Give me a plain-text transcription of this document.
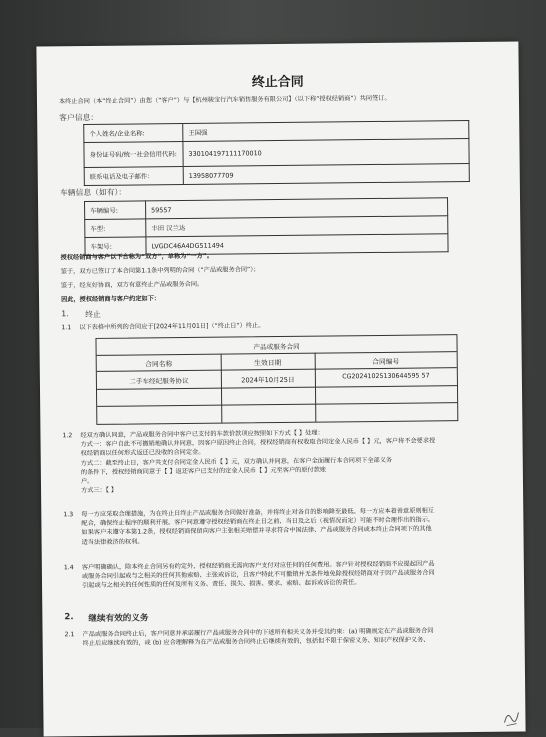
终止合同
本终止合同（本“终止合同”）由您（“客户”）与【杭州骏宝行汽车销售服务有限公司】（以下称“授权经销商”）共同签订。
客户信息：
个人姓名/企业名称:	王国强
身份证号码/统一社会信用代码:	330104197111170010
联系电话及电子邮件：	13958077709
车辆信息（如有）：
车辆编号:	59557
车型:	丰田 汉兰达
车架号:	LVGDC46A4DG511494
授权经销商与客户以下合称为“双方”，单称为“一方”。
鉴于，双方已签订了本合同第1.1条中列明的合同（“产品或服务合同”）；
鉴于，经友好协商，双方有意终止产品或服务合同。
因此，授权经销商与客户约定如下：
1. 终止
1.1 以下表格中所列的合同应于[2024年11月01日]（“终止日”）终止。
产品或服务合同
合同名称	生效日期	合同编号
二手车经纪服务协议	2024年10月25日	CG20241025130644595 57
1.2 经双方确认同意，产品或服务合同中客户已支付的车款价款项应按照如下方式【 】处理：
方式一：客户自此不可撤销地确认并同意，因客户原因终止合同，授权经销商有权收取合同定金人民币【 】元，客户将不会要求授
权经销商以任何形式返还已没收的合同定金。
方式二：截至终止日，客户共支付合同定金人民币【 】元，双方确认并同意，在客户全面履行本合同项下全部义务
的条件下，授权经销商同意于【 】返还客户已支付的定金人民币【 】元至客户的原付款账
户。
方式三：【 】
1.3 每一方应采取合理措施，为在终止日终止产品或服务合同做好准备，并将终止对各自的影响降至最低。每一方应本着善意原则相互
配合，确保终止程序的顺利开展。客户同意遵守授权经销商在终止日之前、当日及之后（视情况而定）可能不时合理作出的指示。
如果客户未遵守本第1.2条，授权经销商保留向客户主张相关赔偿并寻求符合中国法律、产品或服务合同或本终止合同项下的其他
适当法律救济的权利。
1.4 客户明确确认，除本终止合同另有约定外，授权经销商无需向客户支付对应任何的任何费用。客户针对授权经销商不应提起因产品
或服务合同引起或与之相关的任何其他索赔、主张或诉讼，且客户特此不可撤销并无条件地免除授权经销商对于因产品或服务合同
引起或与之相关的任何性质的任何及所有义务、责任、损失、损害、要求、索赔、起诉或诉讼的责任。
2. 继续有效的义务
2.1 产品或服务合同终止后，客户同意并承诺履行产品或服务合同中的下述所有相关义务并受其约束：(a) 明确规定在产品或服务合同
终止后应继续有效的，或 (b) 应合理解释为在产品或服务合同终止后继续有效的，包括但不限于保密义务、知识产权保护义务、
